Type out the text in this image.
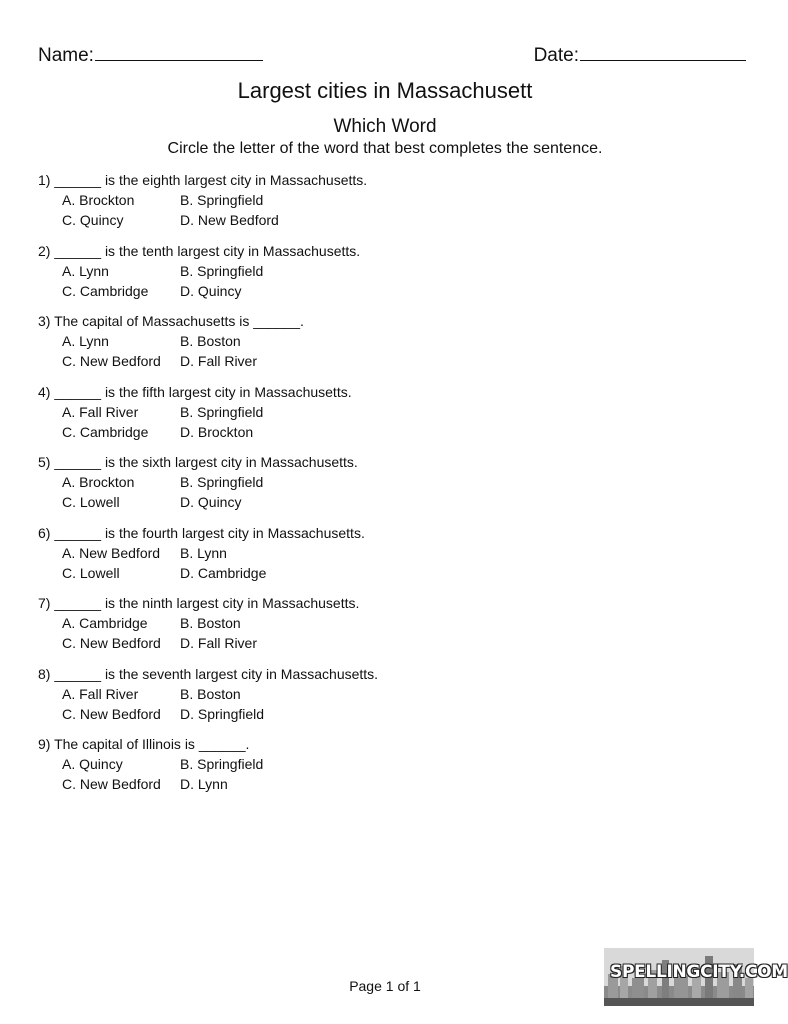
Name:	Date:
Largest cities in Massachusett
Which Word
Circle the letter of the word that best completes the sentence.
1) ______ is the eighth largest city in Massachusetts.
A. Brockton	B. Springfield
C. Quincy	D. New Bedford
2) ______ is the tenth largest city in Massachusetts.
A. Lynn	B. Springfield
C. Cambridge D. Quincy
3) The capital of Massachusetts is ______.
A. Lynn	B. Boston
C. New Bedford D. Fall River
4) ______ is the fifth largest city in Massachusetts.
A. Fall River	B. Springfield
C. Cambridge D. Brockton
5) ______ is the sixth largest city in Massachusetts.
A. Brockton	B. Springfield
C. Lowell	D. Quincy
6) ______ is the fourth largest city in Massachusetts.
A. New Bedford B. Lynn
C. Lowell	D. Cambridge
7) ______ is the ninth largest city in Massachusetts.
A. Cambridge B. Boston
C. New Bedford D. Fall River
8) ______ is the seventh largest city in Massachusetts.
A. Fall River	B. Boston
C. New Bedford D. Springfield
9) The capital of Illinois is ______.
A. Quincy	B. Springfield
C. New Bedford D. Lynn
Page 1 of 1
SPELLINGCITY.COM
